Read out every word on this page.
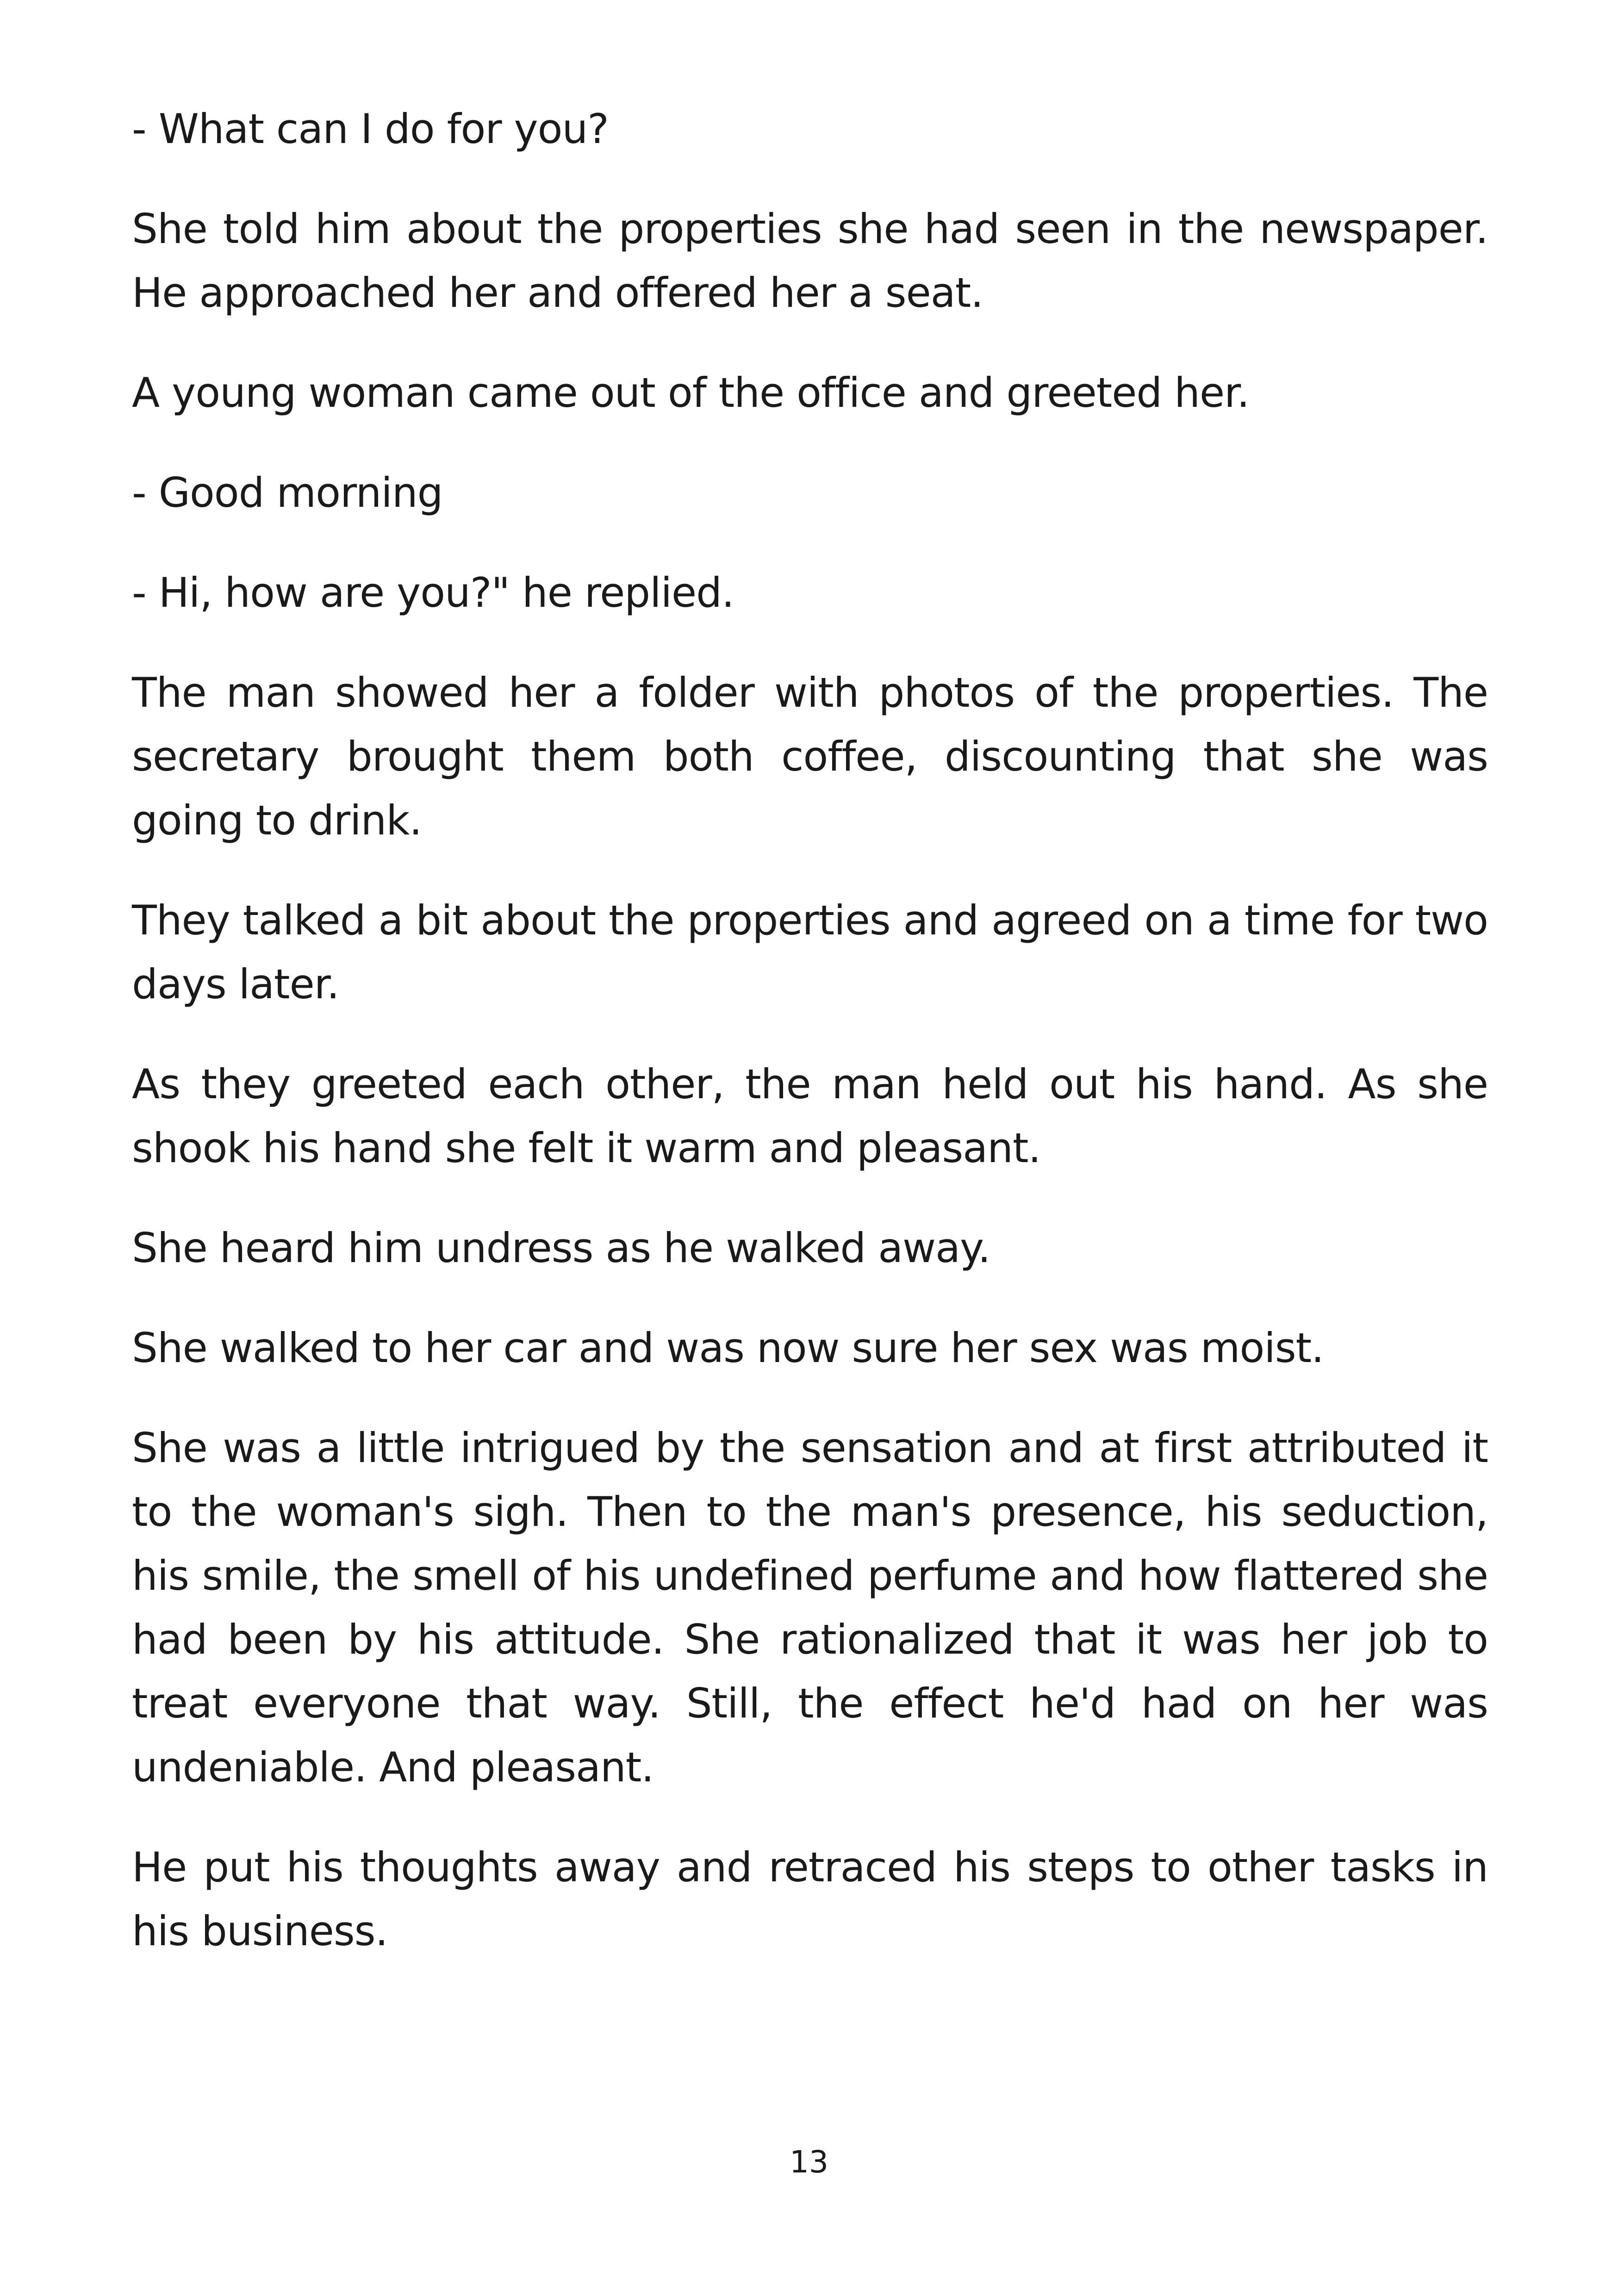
- What can I do for you?

She told him about the properties she had seen in the newspaper. He approached her and offered her a seat.

A young woman came out of the office and greeted her.

- Good morning

- Hi, how are you?" he replied.

The man showed her a folder with photos of the properties. The secretary brought them both coffee, discounting that she was going to drink.

They talked a bit about the properties and agreed on a time for two days later.

As they greeted each other, the man held out his hand. As she shook his hand she felt it warm and pleasant.

She heard him undress as he walked away.

She walked to her car and was now sure her sex was moist.

She was a little intrigued by the sensation and at first attributed it to the woman's sigh. Then to the man's presence, his seduction, his smile, the smell of his undefined perfume and how flattered she had been by his attitude. She rationalized that it was her job to treat everyone that way. Still, the effect he'd had on her was undeniable. And pleasant.

He put his thoughts away and retraced his steps to other tasks in his business.

13
